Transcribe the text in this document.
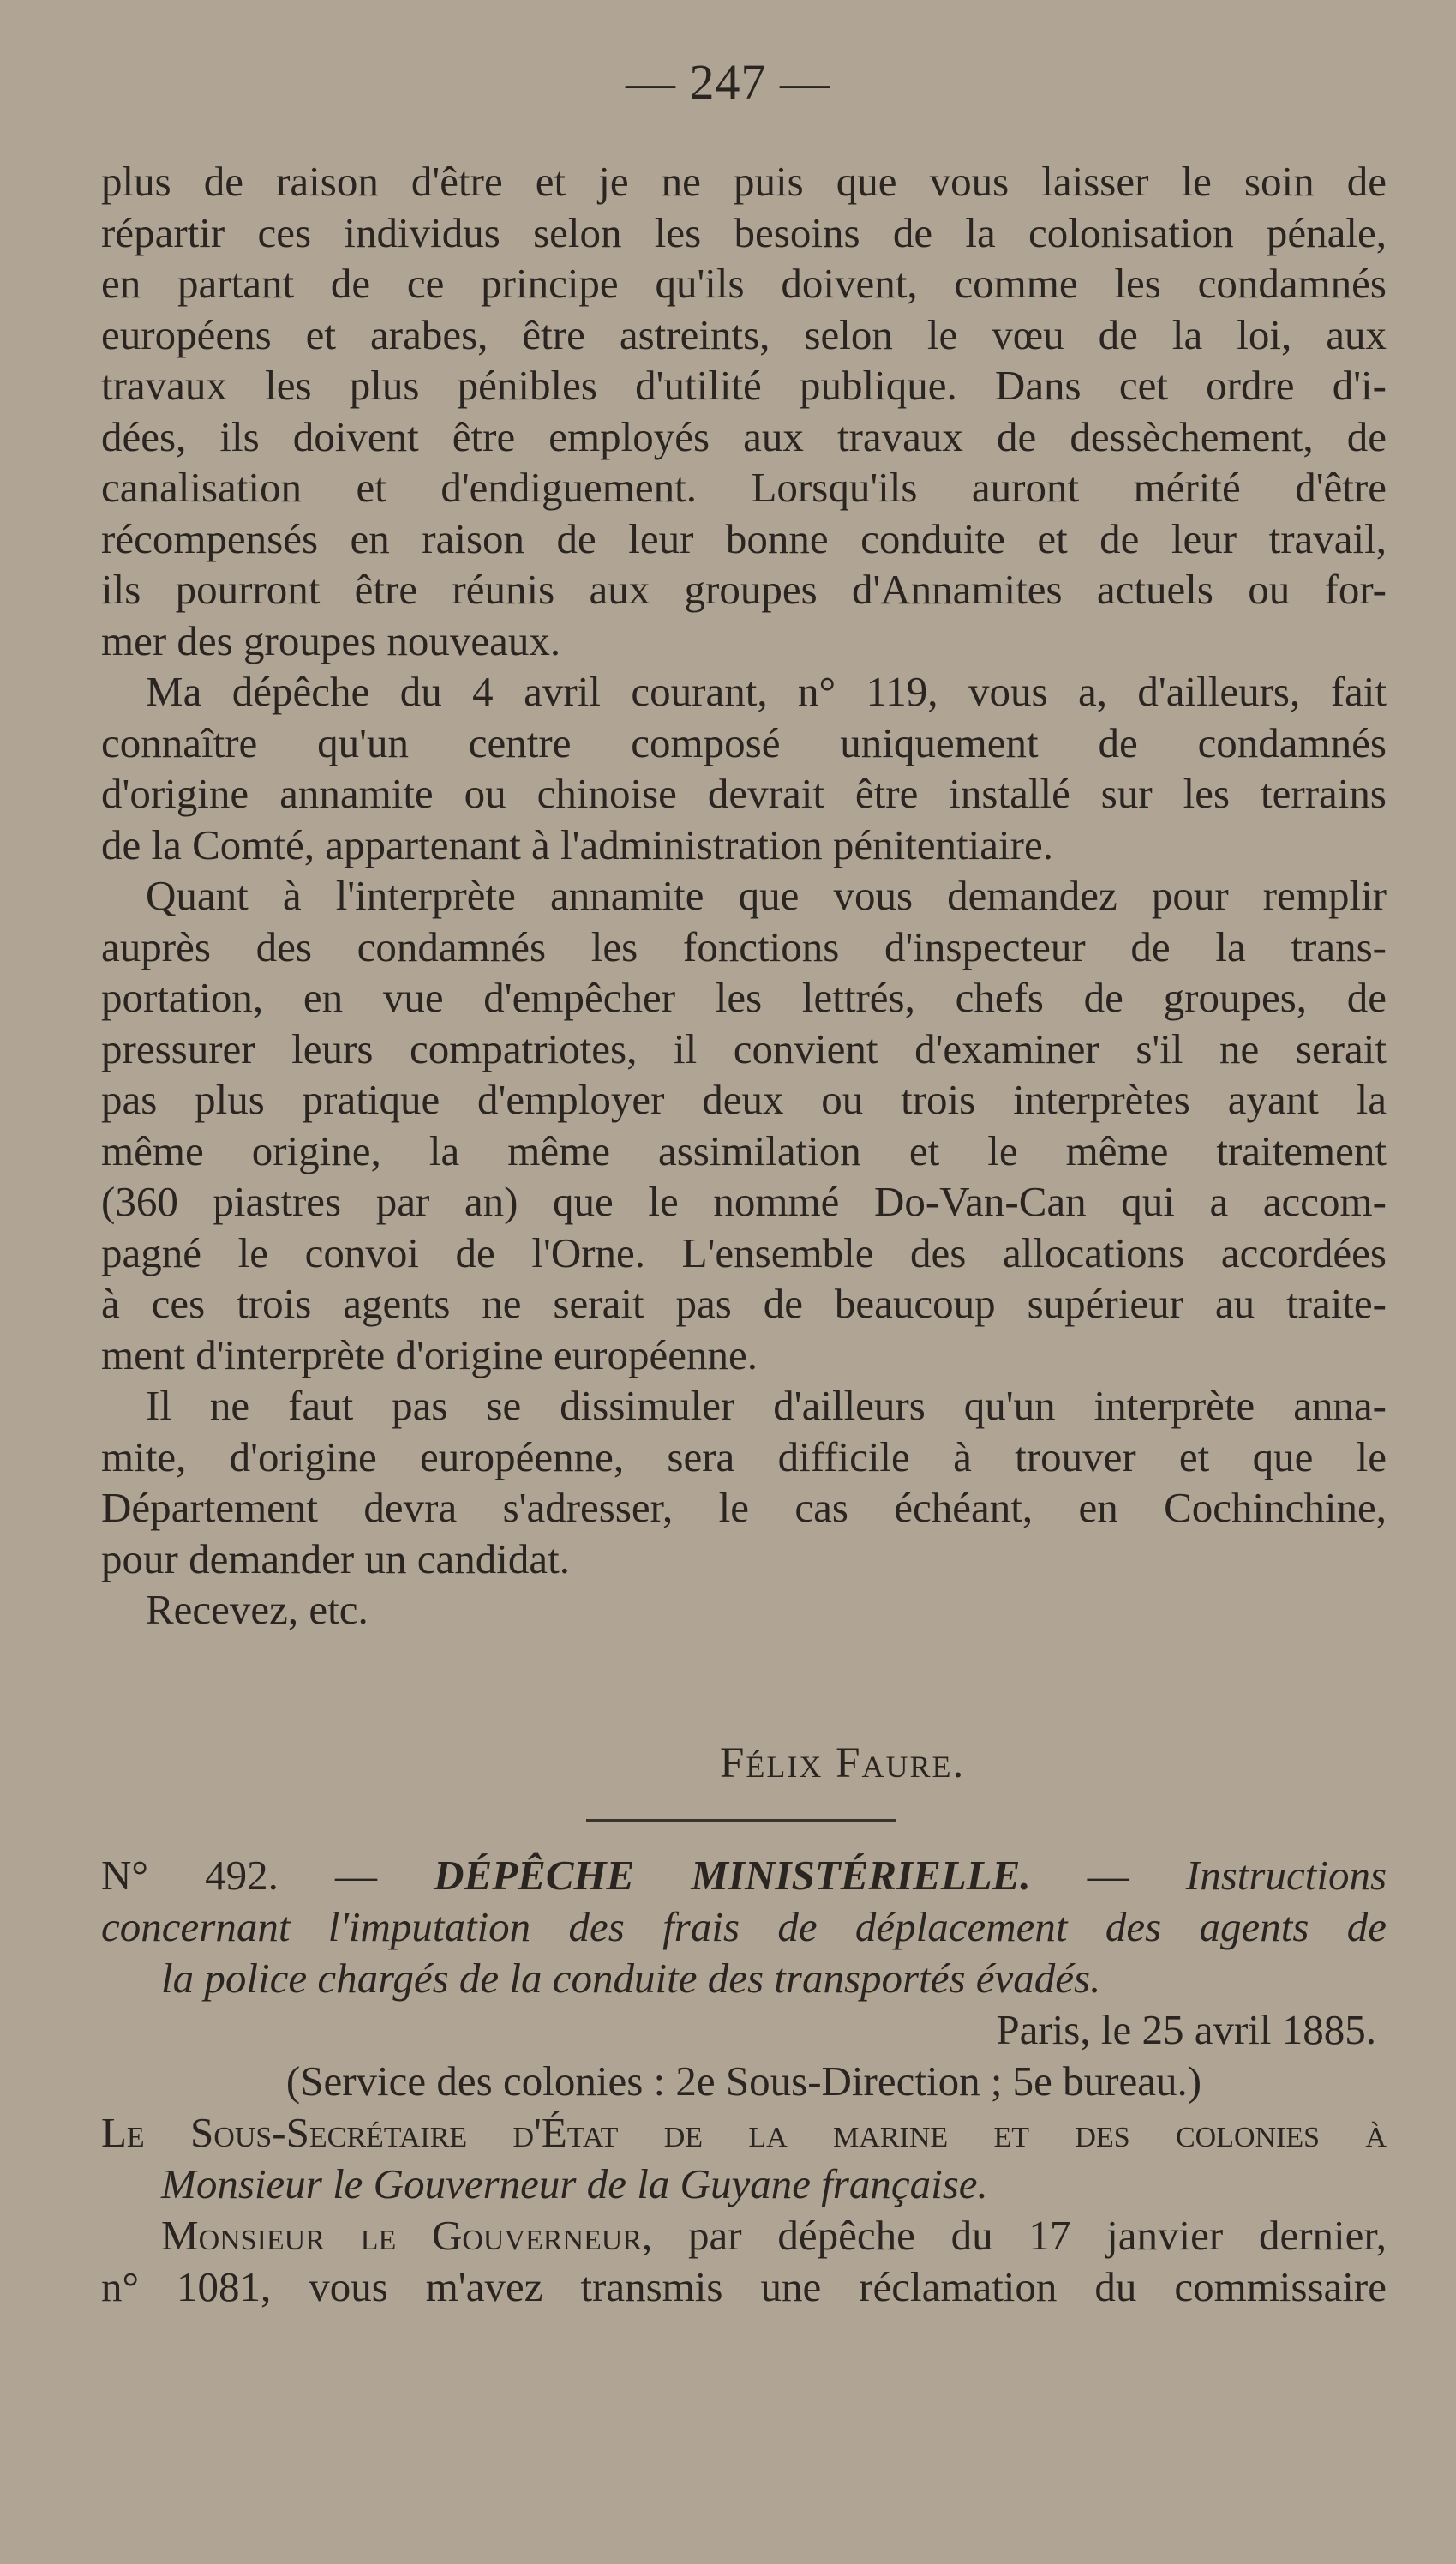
— 247 —
plus de raison d'être et je ne puis que vous laisser le soin de
répartir ces individus selon les besoins de la colonisation pénale,
en partant de ce principe qu'ils doivent, comme les condamnés
européens et arabes, être astreints, selon le vœu de la loi, aux
travaux les plus pénibles d'utilité publique. Dans cet ordre d'i-
dées, ils doivent être employés aux travaux de dessèchement, de
canalisation et d'endiguement. Lorsqu'ils auront mérité d'être
récompensés en raison de leur bonne conduite et de leur travail,
ils pourront être réunis aux groupes d'Annamites actuels ou for-
mer des groupes nouveaux.
Ma dépêche du 4 avril courant, n° 119, vous a, d'ailleurs, fait
connaître qu'un centre composé uniquement de condamnés
d'origine annamite ou chinoise devrait être installé sur les terrains
de la Comté, appartenant à l'administration pénitentiaire.
Quant à l'interprète annamite que vous demandez pour remplir
auprès des condamnés les fonctions d'inspecteur de la trans-
portation, en vue d'empêcher les lettrés, chefs de groupes, de
pressurer leurs compatriotes, il convient d'examiner s'il ne serait
pas plus pratique d'employer deux ou trois interprètes ayant la
même origine, la même assimilation et le même traitement
(360 piastres par an) que le nommé Do-Van-Can qui a accom-
pagné le convoi de l'Orne. L'ensemble des allocations accordées
à ces trois agents ne serait pas de beaucoup supérieur au traite-
ment d'interprète d'origine européenne.
Il ne faut pas se dissimuler d'ailleurs qu'un interprète anna-
mite, d'origine européenne, sera difficile à trouver et que le
Département devra s'adresser, le cas échéant, en Cochinchine,
pour demander un candidat.
Recevez, etc.
Félix Faure.
N° 492. — DÉPÊCHE MINISTÉRIELLE. — Instructions
concernant l'imputation des frais de déplacement des agents de
la police chargés de la conduite des transportés évadés.
Paris, le 25 avril 1885.
(Service des colonies : 2e Sous-Direction ; 5e bureau.)
Le Sous-Secrétaire d'État de la marine et des colonies à
Monsieur le Gouverneur de la Guyane française.
Monsieur le Gouverneur, par dépêche du 17 janvier dernier,
n° 1081, vous m'avez transmis une réclamation du commissaire
